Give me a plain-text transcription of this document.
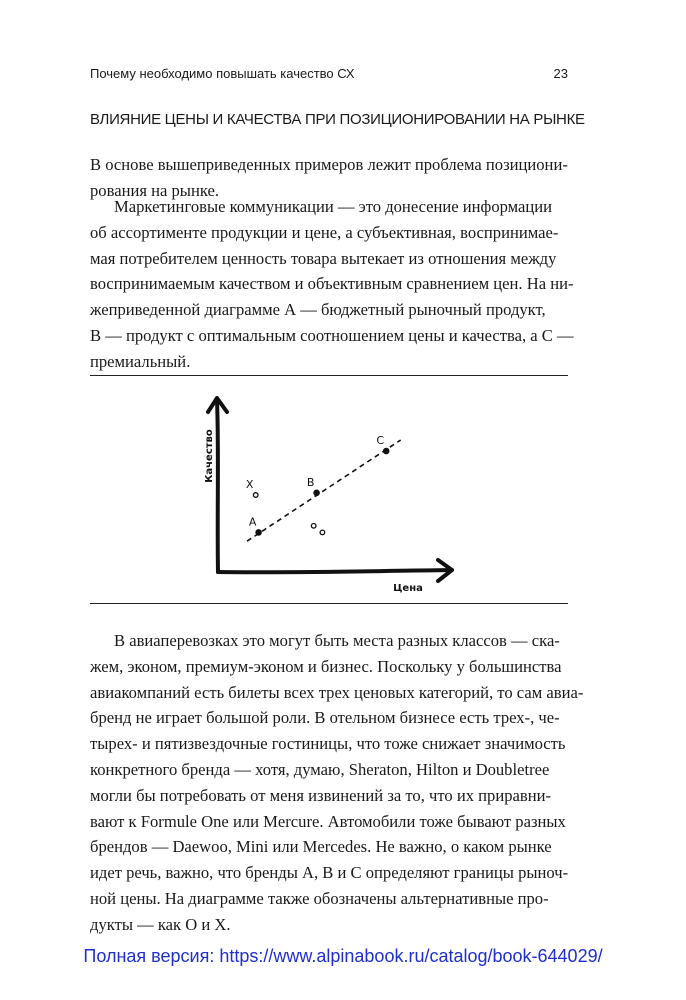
Почему необходимо повышать качество СХ	23
ВЛИЯНИЕ ЦЕНЫ И КАЧЕСТВА ПРИ ПОЗИЦИОНИРОВАНИИ НА РЫНКЕ

В основе вышеприведенных примеров лежит проблема позициони-
рования на рынке.

Маркетинговые коммуникации — это донесение информации
об ассортименте продукции и цене, а субъективная, воспринимае-
мая потребителем ценность товара вытекает из отношения между
воспринимаемым качеством и объективным сравнением цен. На ни-
жеприведенной диаграмме А — бюджетный рыночный продукт,
В — продукт с оптимальным соотношением цены и качества, а С —
премиальный.

Качество
Цена
A
B
C
X

В авиаперевозках это могут быть места разных классов — ска-
жем, эконом, премиум-эконом и бизнес. Поскольку у большинства
авиакомпаний есть билеты всех трех ценовых категорий, то сам авиа-
бренд не играет большой роли. В отельном бизнесе есть трех-, че-
тырех- и пятизвездочные гостиницы, что тоже снижает значимость
конкретного бренда — хотя, думаю, Sheraton, Hilton и Doubletree
могли бы потребовать от меня извинений за то, что их приравни-
вают к Formule One или Mercure. Автомобили тоже бывают разных
брендов — Daewoo, Mini или Mercedes. Не важно, о каком рынке
идет речь, важно, что бренды А, В и С определяют границы рыноч-
ной цены. На диаграмме также обозначены альтернативные про-
дукты — как О и Х.

Полная версия: https://www.alpinabook.ru/catalog/book-644029/
